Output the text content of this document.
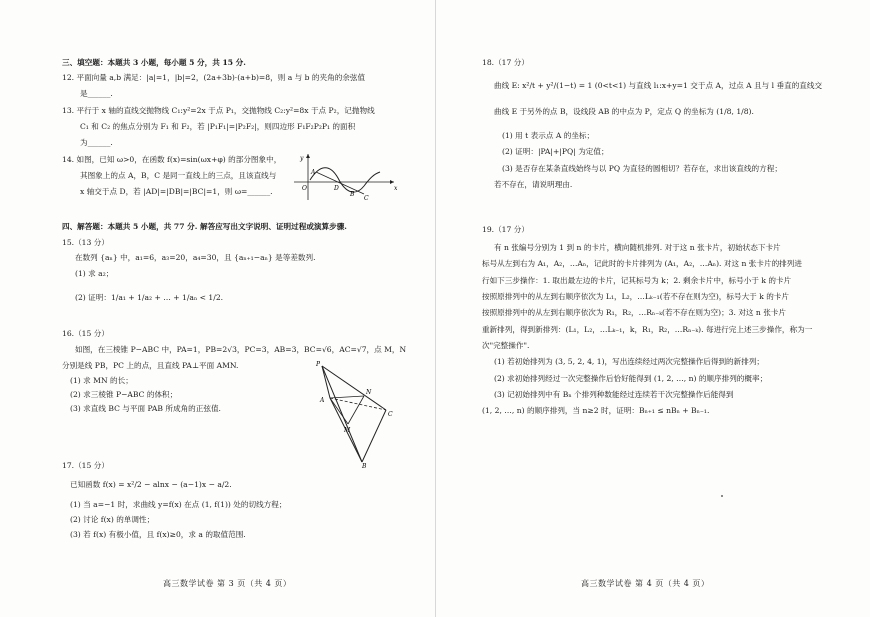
三、填空题：本题共 3 小题，每小题 5 分，共 15 分.
12. 平面向量 a,b 满足：|a|=1，|b|=2，(2a+3b)·(a+b)=8，则 a 与 b 的夹角的余弦值
是______.
13. 平行于 x 轴的直线交抛物线 C₁:y²=2x 于点 P₁，交抛物线 C₂:y²=8x 于点 P₂，记抛物线
C₁ 和 C₂ 的焦点分别为 F₁ 和 F₂，若 |P₁F₁|=|P₂F₂|，则四边形 F₁F₂P₂P₁ 的面积
为______.
14. 如图，已知 ω>0，在函数 f(x)=sin(ωx+φ) 的部分图象中，
其图象上的点 A，B，C 是同一直线上的三点，且该直线与
x 轴交于点 D，若 |AD|=|DB|=|BC|=1，则 ω=______.
y
x
O
A
B
C
D
四、解答题：本题共 5 小题，共 77 分. 解答应写出文字说明、证明过程或演算步骤.
15.（13 分）
在数列 {aₙ} 中，a₁=6，a₃=20，a₄=30，且 {aₙ₊₁−aₙ} 是等差数列.
(1) 求 a₂；
(2) 证明：1/a₁ + 1/a₂ + … + 1/aₙ < 1/2.
16.（15 分）
如图，在三棱锥 P−ABC 中，PA=1，PB=2√3，PC=3，AB=3，BC=√6，AC=√7，点 M，N
分别是线 PB，PC 上的点，且直线 PA⊥平面 AMN.
(1) 求 MN 的长；
(2) 求三棱锥 P−ABC 的体积；
(3) 求直线 BC 与平面 PAB 所成角的正弦值.
P
A
B
C
M
N
17.（15 分）
已知函数 f(x) = x²/2 − alnx − (a−1)x − a/2.
(1) 当 a=−1 时，求曲线 y=f(x) 在点 (1, f(1)) 处的切线方程；
(2) 讨论 f(x) 的单调性；
(3) 若 f(x) 有极小值，且 f(x)≥0，求 a 的取值范围.
高三数学试卷 第 3 页（共 4 页）
18.（17 分）
曲线 E: x²/t + y²/(1−t) = 1 (0<t<1) 与直线 l₁:x+y=1 交于点 A，过点 A 且与 l 垂直的直线交
曲线 E 于另外的点 B，设线段 AB 的中点为 P，定点 Q 的坐标为 (1/8, 1/8).
(1) 用 t 表示点 A 的坐标；
(2) 证明：|PA|+|PQ| 为定值；
(3) 是否存在某条直线始终与以 PQ 为直径的圆相切？若存在，求出该直线的方程；
若不存在，请说明理由.
19.（17 分）
有 n 张编号分别为 1 到 n 的卡片，横向随机排列. 对于这 n 张卡片，初始状态下卡片
标号从左到右为 A₁，A₂，…Aₙ，记此时的卡片排列为 (A₁，A₂，…Aₙ). 对这 n 张卡片的排列进
行如下三步操作：1. 取出最左边的卡片，记其标号为 k；2. 剩余卡片中，标号小于 k 的卡片
按照原排列中的从左到右顺序依次为 L₁，L₂，…Lₖ₋₁(若不存在则为空)，标号大于 k 的卡片
按照原排列中的从左到右顺序依次为 R₁，R₂，…Rₙ₋ₖ(若不存在则为空)；3. 对这 n 张卡片
重新排列，得到新排列：(L₁，L₂，…Lₖ₋₁，k，R₁，R₂，…Rₙ₋ₖ). 每进行完上述三步操作，称为一
次"完整操作".
(1) 若初始排列为 (3, 5, 2, 4, 1)，写出连续经过两次完整操作后得到的新排列；
(2) 求初始排列经过一次完整操作后恰好能得到 (1, 2, …, n) 的顺序排列的概率；
(3) 记初始排列中有 Bₙ 个排列种数能经过连续若干次完整操作后能得到
(1, 2, …, n) 的顺序排列，当 n≥2 时，证明：Bₙ₊₁ ≤ nBₙ + Bₙ₋₁.
高三数学试卷 第 4 页（共 4 页）
